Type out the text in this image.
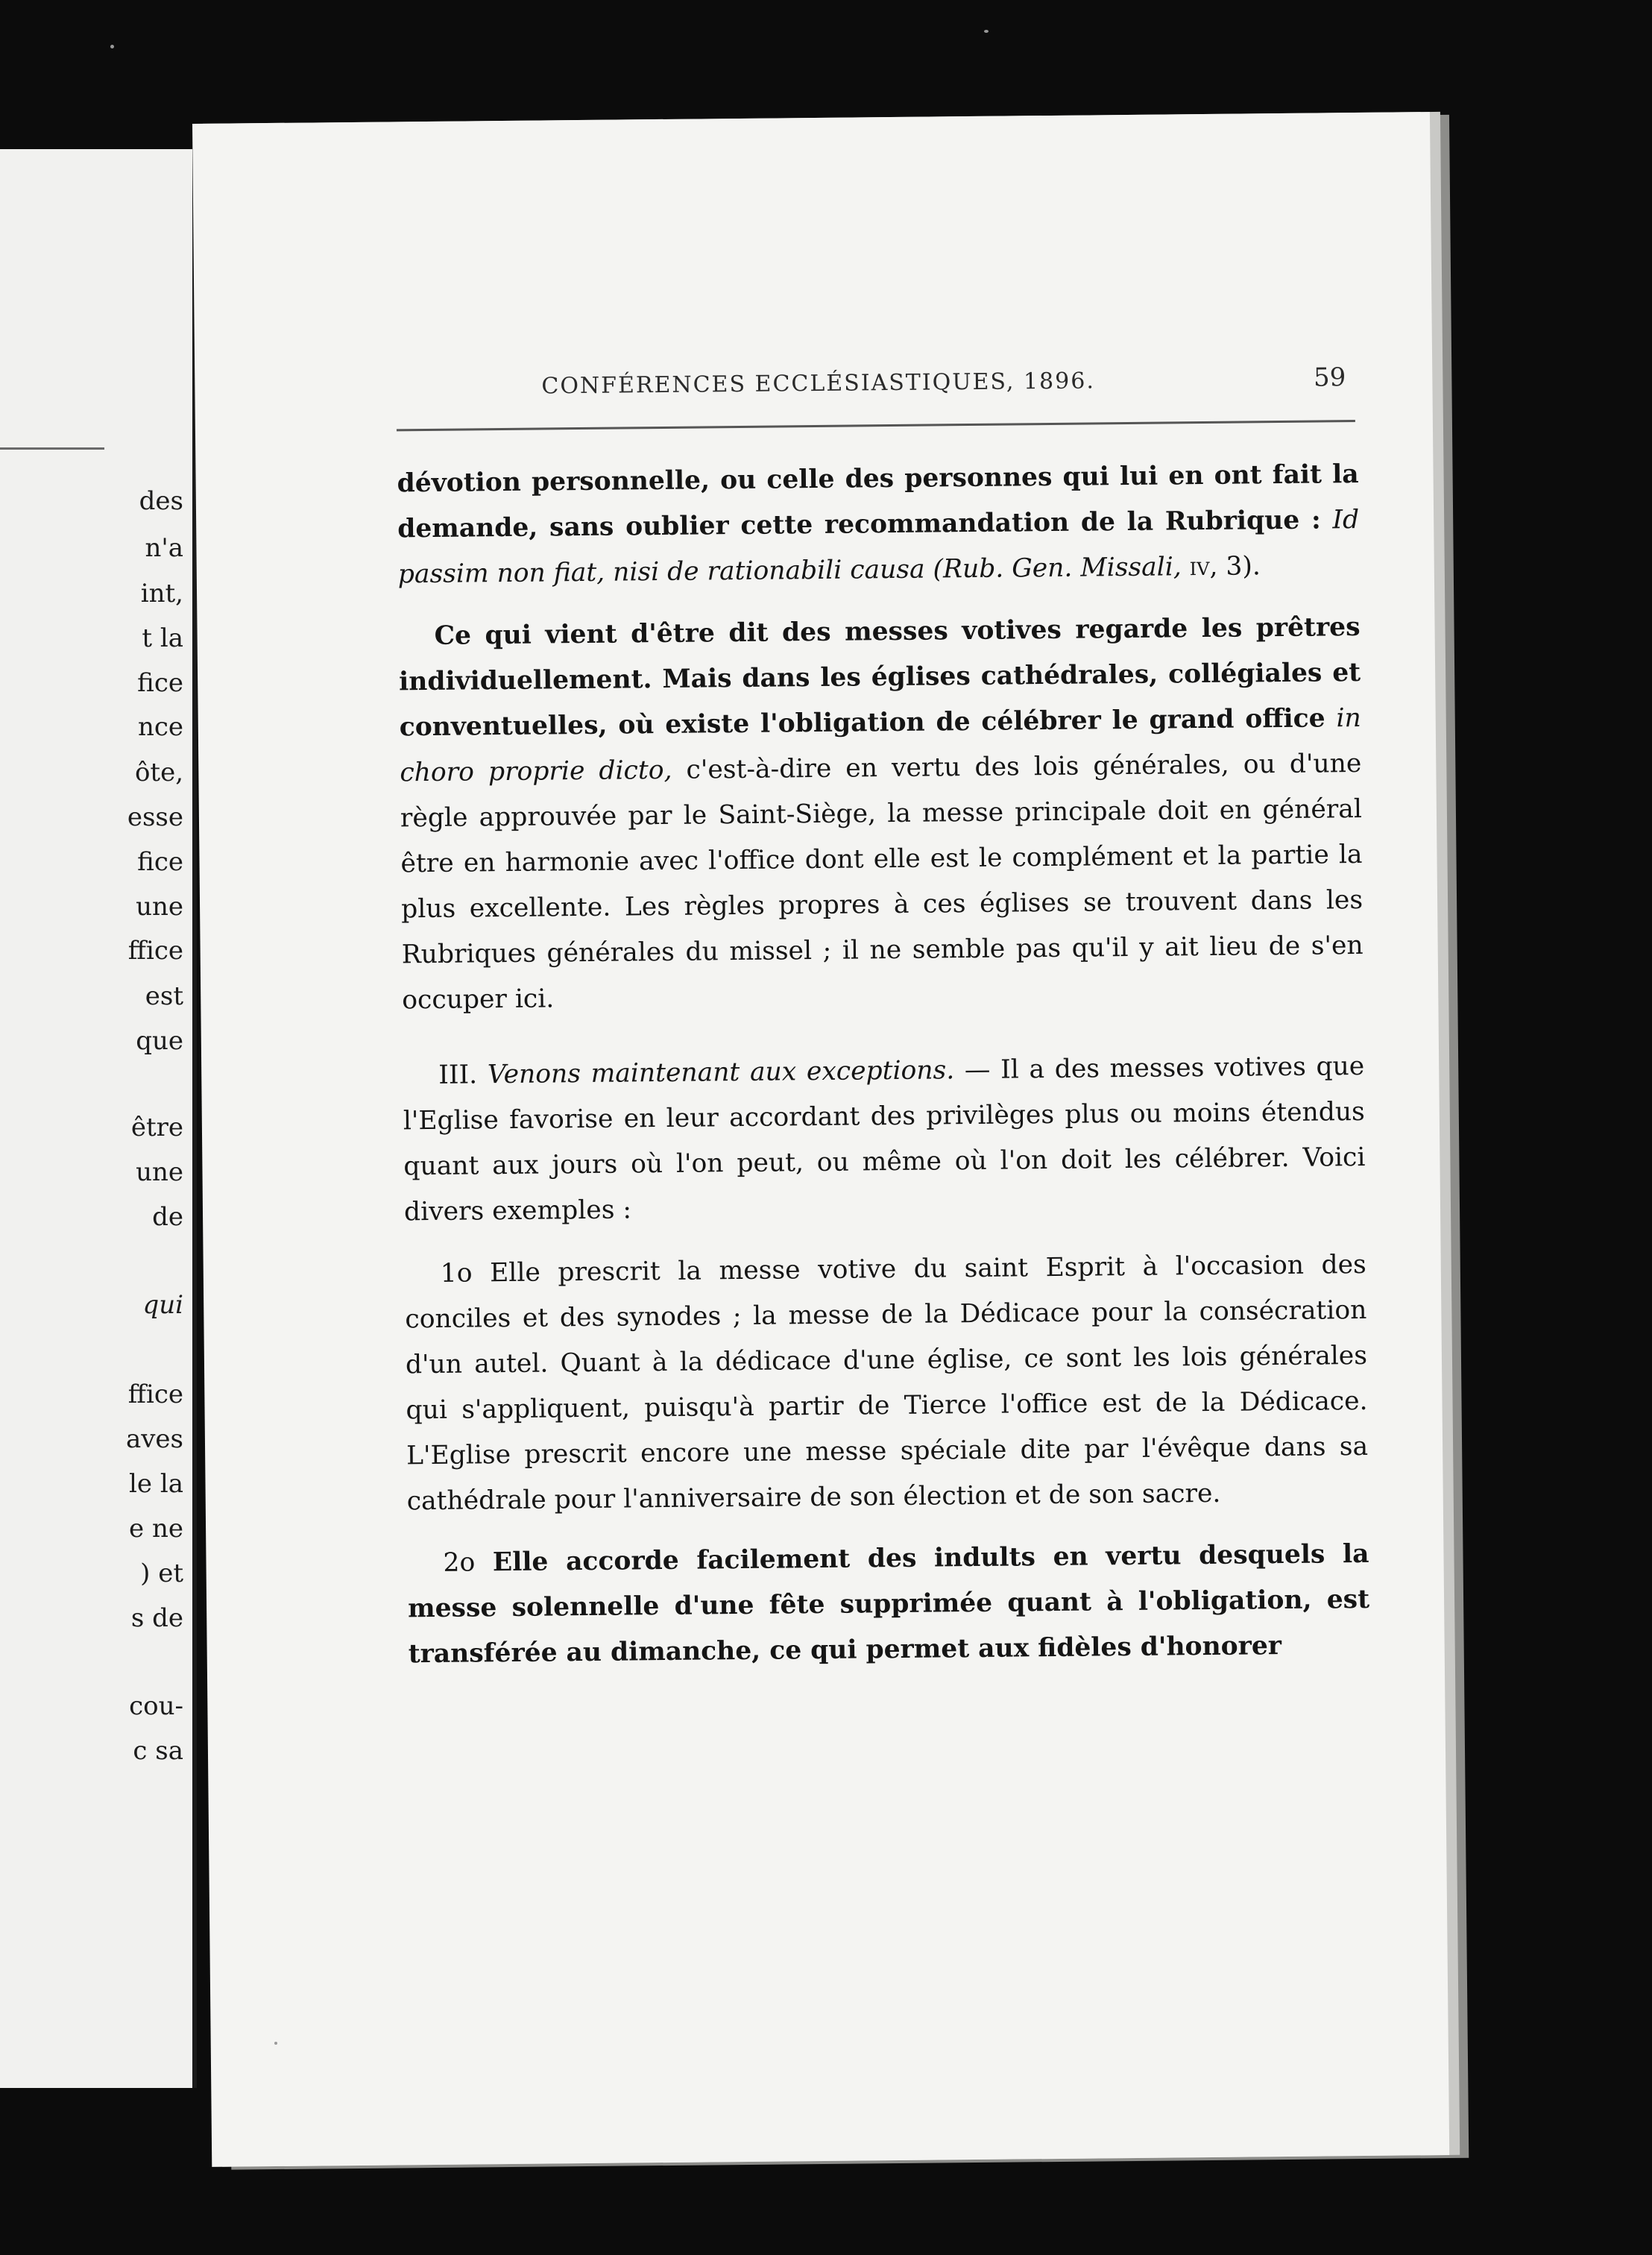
des
n'a
int,
t la
fice
nce
ôte,
esse
fice
une
ffice
est
que
être
une
de
qui
ffice
aves
le la
e ne
) et
s de
cou-
c sa
CONFÉRENCES ECCLÉSIASTIQUES, 1896.	59

dévotion personnelle, ou celle des personnes qui lui en ont fait la demande, sans oublier cette recommandation de la Rubrique : Id passim non fiat, nisi de rationabili causa (Rub. Gen. Missali, iv, 3).

Ce qui vient d'être dit des messes votives regarde les prêtres individuellement. Mais dans les églises cathédrales, collégiales et conventuelles, où existe l'obligation de célébrer le grand office in choro proprie dicto, c'est-à-dire en vertu des lois générales, ou d'une règle approuvée par le Saint-Siège, la messe principale doit en général être en harmonie avec l'office dont elle est le complément et la partie la plus excellente. Les règles propres à ces églises se trouvent dans les Rubriques générales du missel ; il ne semble pas qu'il y ait lieu de s'en occuper ici.

III. Venons maintenant aux exceptions. — Il a des messes votives que l'Eglise favorise en leur accordant des privilèges plus ou moins étendus quant aux jours où l'on peut, ou même où l'on doit les célébrer. Voici divers exemples :

1o Elle prescrit la messe votive du saint Esprit à l'occasion des conciles et des synodes ; la messe de la Dédicace pour la consécration d'un autel. Quant à la dédicace d'une église, ce sont les lois générales qui s'appliquent, puisqu'à partir de Tierce l'office est de la Dédicace. L'Eglise prescrit encore une messe spéciale dite par l'évêque dans sa cathédrale pour l'anniversaire de son élection et de son sacre.

2o Elle accorde facilement des indults en vertu desquels la messe solennelle d'une fête supprimée quant à l'obligation, est transférée au dimanche, ce qui permet aux fidèles d'honorer
